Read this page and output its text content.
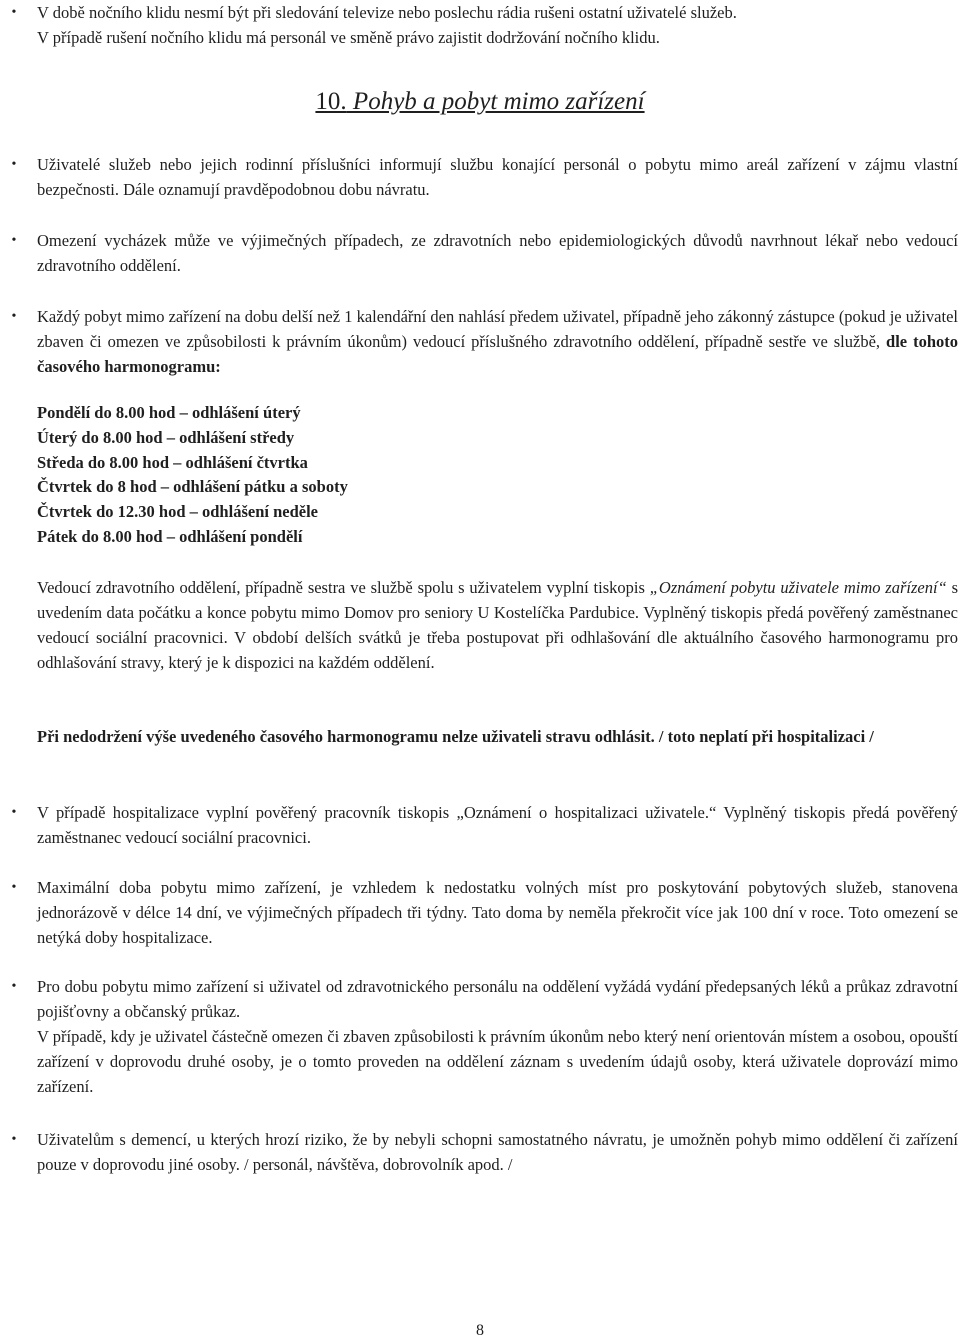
•	V době nočního klidu nesmí být při sledování televize nebo poslechu rádia rušeni ostatní uživatelé služeb.
V případě rušení nočního klidu má personál ve směně právo zajistit dodržování nočního klidu.
10. Pohyb a pobyt mimo zařízení
•	Uživatelé služeb nebo jejich rodinní příslušníci informují službu konající personál o pobytu mimo areál zařízení v zájmu vlastní bezpečnosti. Dále oznamují pravděpodobnou dobu návratu.

•	Omezení vycházek může ve výjimečných případech, ze zdravotních nebo epidemiologických důvodů navrhnout lékař nebo vedoucí zdravotního oddělení.

•	Každý pobyt mimo zařízení na dobu delší než 1 kalendářní den nahlásí předem uživatel, případně jeho zákonný zástupce (pokud je uživatel zbaven či omezen ve způsobilosti k právním úkonům) vedoucí příslušného zdravotního oddělení, případně sestře ve službě, dle tohoto časového harmonogramu:

Pondělí do 8.00 hod – odhlášení úterý
Úterý do 8.00 hod – odhlášení středy
Středa do 8.00 hod – odhlášení čtvrtka
Čtvrtek do 8 hod – odhlášení pátku a soboty
Čtvrtek do 12.30 hod – odhlášení neděle
Pátek do 8.00 hod – odhlášení pondělí

Vedoucí zdravotního oddělení, případně sestra ve službě spolu s uživatelem vyplní tiskopis „Oznámení pobytu uživatele mimo zařízení“ s uvedením data počátku a konce pobytu mimo Domov pro seniory U Kostelíčka Pardubice. Vyplněný tiskopis předá pověřený zaměstnanec vedoucí sociální pracovnici. V období delších svátků je třeba postupovat při odhlašování dle aktuálního časového harmonogramu pro odhlašování stravy, který je k dispozici na každém oddělení.

Při nedodržení výše uvedeného časového harmonogramu nelze uživateli stravu odhlásit. / toto neplatí při hospitalizaci /

•	V případě hospitalizace vyplní pověřený pracovník tiskopis „Oznámení o hospitalizaci uživatele.“ Vyplněný tiskopis předá pověřený zaměstnanec vedoucí sociální pracovnici.

•	Maximální doba pobytu mimo zařízení, je vzhledem k nedostatku volných míst pro poskytování pobytových služeb, stanovena jednorázově v délce 14 dní, ve výjimečných případech tři týdny. Tato doma by neměla překročit více jak 100 dní v roce. Toto omezení se netýká doby hospitalizace.

•	Pro dobu pobytu mimo zařízení si uživatel od zdravotnického personálu na oddělení vyžádá vydání předepsaných léků a průkaz zdravotní pojišťovny a občanský průkaz.
V případě, kdy je uživatel částečně omezen či zbaven způsobilosti k právním úkonům nebo který není orientován místem a osobou, opouští zařízení v doprovodu druhé osoby, je o tomto proveden na oddělení záznam s uvedením údajů osoby, která uživatele doprovází mimo zařízení.
•	Uživatelům s demencí, u kterých hrozí riziko, že by nebyli schopni samostatného návratu, je umožněn pohyb mimo oddělení či zařízení pouze v doprovodu jiné osoby. / personál, návštěva, dobrovolník apod. /

8
